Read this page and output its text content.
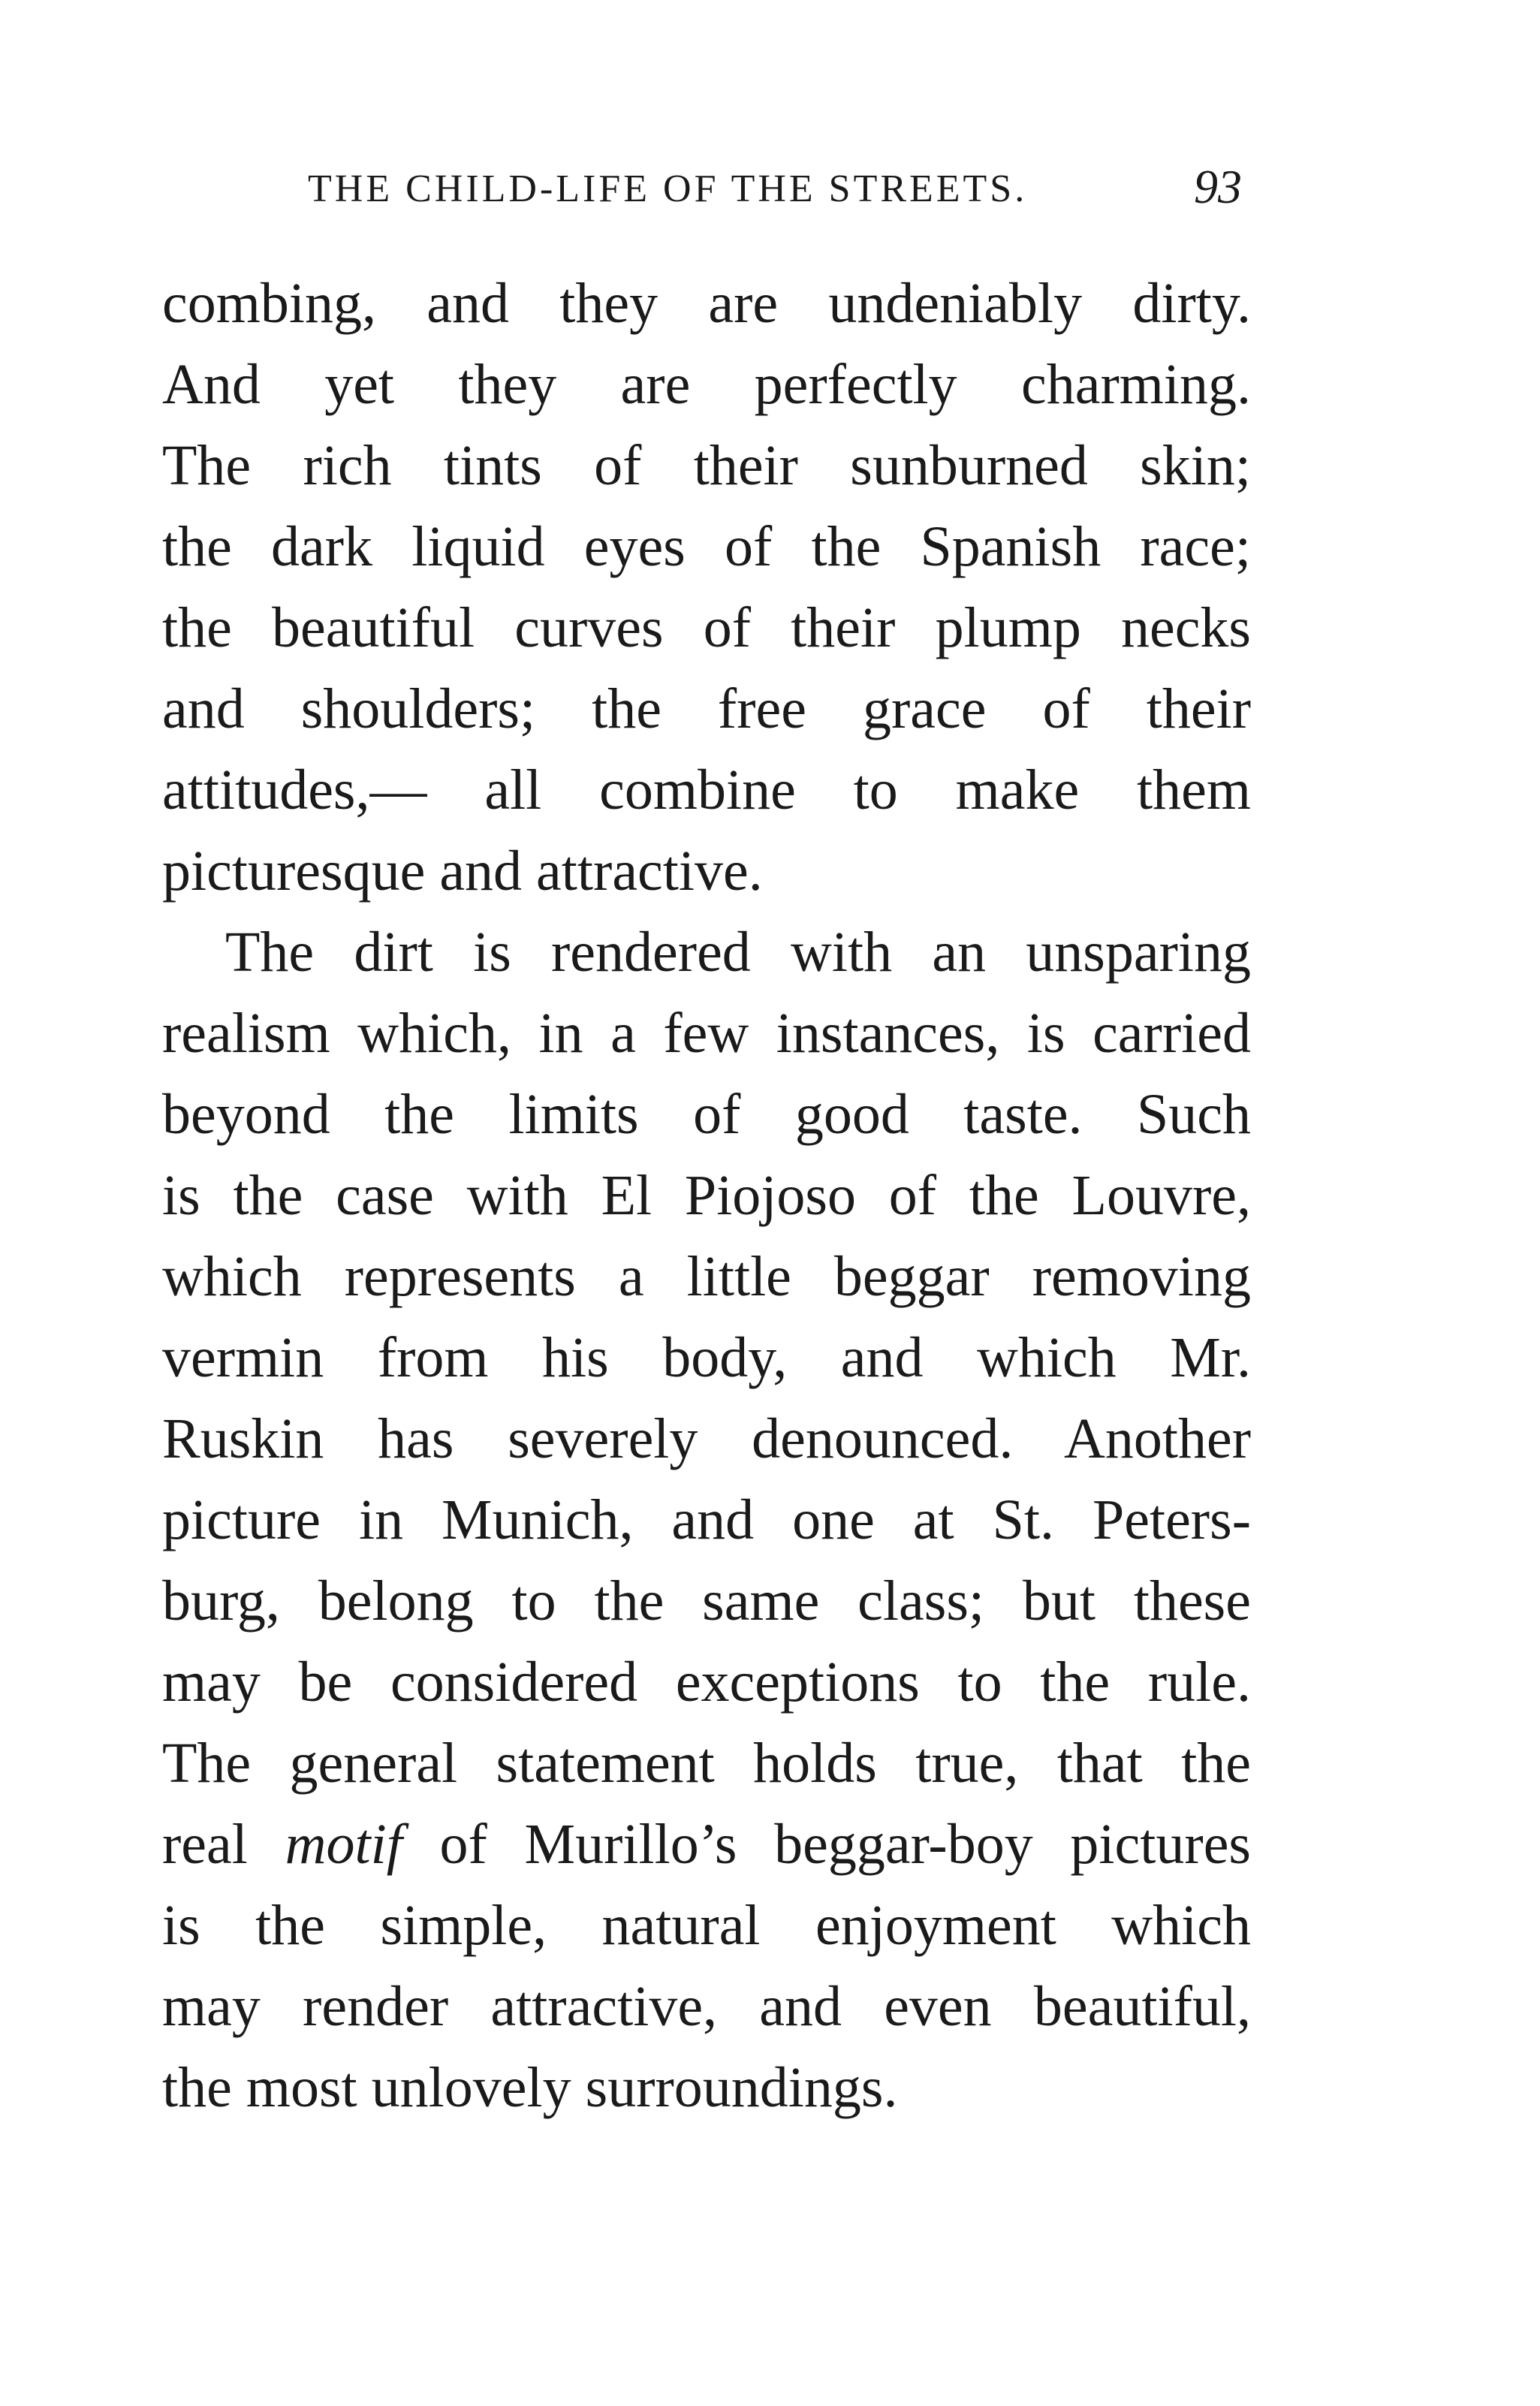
THE CHILD-LIFE OF THE STREETS.	93
combing, and they are undeniably dirty.
And yet they are perfectly charming.
The rich tints of their sunburned skin;
the dark liquid eyes of the Spanish race;
the beautiful curves of their plump necks
and shoulders; the free grace of their
attitudes,— all combine to make them
picturesque and attractive.
The dirt is rendered with an unsparing
realism which, in a few instances, is carried
beyond the limits of good taste. Such
is the case with El Piojoso of the Louvre,
which represents a little beggar removing
vermin from his body, and which Mr.
Ruskin has severely denounced. Another
picture in Munich, and one at St. Peters-
burg, belong to the same class; but these
may be considered exceptions to the rule.
The general statement holds true, that the
real motif of Murillo’s beggar-boy pictures
is the simple, natural enjoyment which
may render attractive, and even beautiful,
the most unlovely surroundings.
